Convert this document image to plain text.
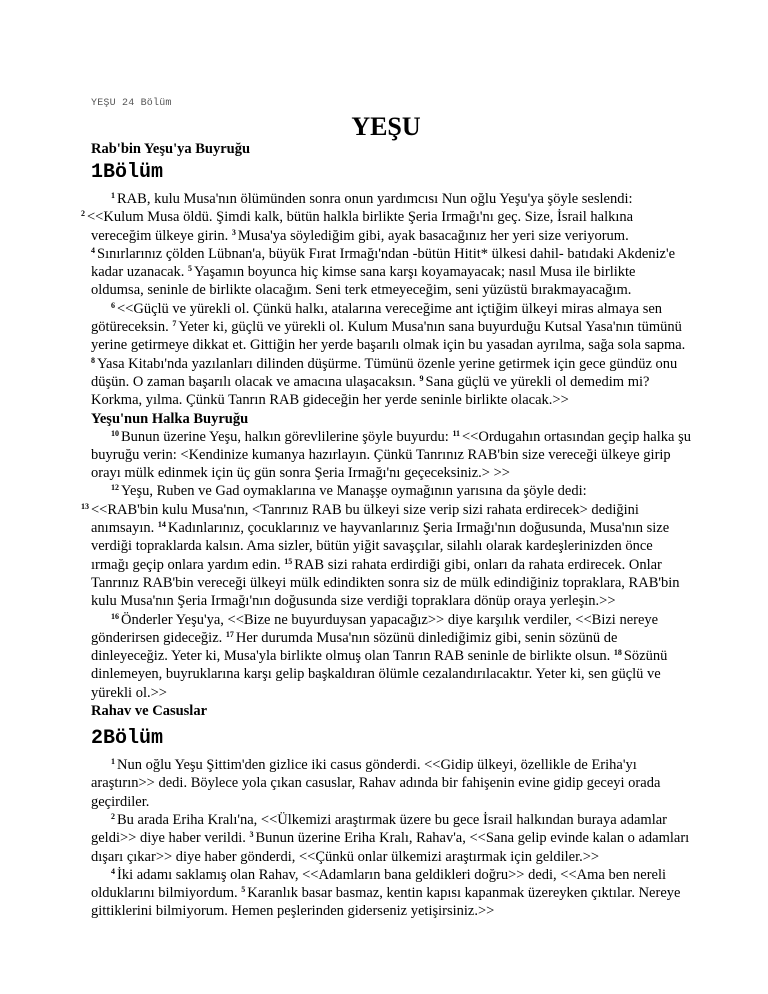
YEŞU 24 Bölüm
YEŞU

Rab'bin Yeşu'ya Buyruğu

1Bölüm

$^1$ RAB, kulu Musa'nın ölümünden sonra onun yardımcısı Nun oğlu Yeşu'ya şöyle seslendi:
$^2$ <<Kulum Musa öldü. Şimdi kalk, bütün halkla birlikte Şeria Irmağı'nı geç. Size, İsrail halkına vereceğim ülkeye girin. $^3$ Musa'ya söylediğim gibi, ayak basacağınız her yeri size veriyorum. $^4$ Sınırlarınız çölden Lübnan'a, büyük Fırat Irmağı'ndan -bütün Hitit* ülkesi dahil- batıdaki Akdeniz'e kadar uzanacak. $^5$ Yaşamın boyunca hiç kimse sana karşı koyamayacak; nasıl Musa ile birlikte oldumsa, seninle de birlikte olacağım. Seni terk etmeyeceğim, seni yüzüstü bırakmayacağım.

$^6$ <<Güçlü ve yürekli ol. Çünkü halkı, atalarına vereceğime ant içtiğim ülkeyi miras almaya sen götüreceksin. $^7$ Yeter ki, güçlü ve yürekli ol. Kulum Musa'nın sana buyurduğu Kutsal Yasa'nın tümünü yerine getirmeye dikkat et. Gittiğin her yerde başarılı olmak için bu yasadan ayrılma, sağa sola sapma. $^8$ Yasa Kitabı'nda yazılanları dilinden düşürme. Tümünü özenle yerine getirmek için gece gündüz onu düşün. O zaman başarılı olacak ve amacına ulaşacaksın. $^9$ Sana güçlü ve yürekli ol demedim mi? Korkma, yılma. Çünkü Tanrın RAB gideceğin her yerde seninle birlikte olacak.>>

Yeşu'nun Halka Buyruğu

$^{10}$ Bunun üzerine Yeşu, halkın görevlilerine şöyle buyurdu: $^{11}$ <<Ordugahın ortasından geçip halka şu buyruğu verin: <Kendinize kumanya hazırlayın. Çünkü Tanrınız RAB'bin size vereceği ülkeye girip orayı mülk edinmek için üç gün sonra Şeria Irmağı'nı geçeceksiniz.> >>

$^{12}$ Yeşu, Ruben ve Gad oymaklarına ve Manaşşe oymağının yarısına da şöyle dedi:
$^{13}$ <<RAB'bin kulu Musa'nın, <Tanrınız RAB bu ülkeyi size verip sizi rahata erdirecek> dediğini anımsayın. $^{14}$ Kadınlarınız, çocuklarınız ve hayvanlarınız Şeria Irmağı'nın doğusunda, Musa'nın size verdiği topraklarda kalsın. Ama sizler, bütün yiğit savaşçılar, silahlı olarak kardeşlerinizden önce ırmağı geçip onlara yardım edin. $^{15}$ RAB sizi rahata erdirdiği gibi, onları da rahata erdirecek. Onlar Tanrınız RAB'bin vereceği ülkeyi mülk edindikten sonra siz de mülk edindiğiniz topraklara, RAB'bin kulu Musa'nın Şeria Irmağı'nın doğusunda size verdiği topraklara dönüp oraya yerleşin.>>

$^{16}$ Önderler Yeşu'ya, <<Bize ne buyurduysan yapacağız>> diye karşılık verdiler, <<Bizi nereye gönderirsen gideceğiz. $^{17}$ Her durumda Musa'nın sözünü dinlediğimiz gibi, senin sözünü de dinleyeceğiz. Yeter ki, Musa'yla birlikte olmuş olan Tanrın RAB seninle de birlikte olsun. $^{18}$ Sözünü dinlemeyen, buyruklarına karşı gelip başkaldıran ölümle cezalandırılacaktır. Yeter ki, sen güçlü ve yürekli ol.>>

Rahav ve Casuslar

2Bölüm

$^1$ Nun oğlu Yeşu Şittim'den gizlice iki casus gönderdi. <<Gidip ülkeyi, özellikle de Eriha'yı araştırın>> dedi. Böylece yola çıkan casuslar, Rahav adında bir fahişenin evine gidip geceyi orada geçirdiler.

$^2$ Bu arada Eriha Kralı'na, <<Ülkemizi araştırmak üzere bu gece İsrail halkından buraya adamlar geldi>> diye haber verildi. $^3$ Bunun üzerine Eriha Kralı, Rahav'a, <<Sana gelip evinde kalan o adamları dışarı çıkar>> diye haber gönderdi, <<Çünkü onlar ülkemizi araştırmak için geldiler.>>

$^4$ İki adamı saklamış olan Rahav, <<Adamların bana geldikleri doğru>> dedi, <<Ama ben nereli olduklarını bilmiyordum. $^5$ Karanlık basar basmaz, kentin kapısı kapanmak üzereyken çıktılar. Nereye gittiklerini bilmiyorum. Hemen peşlerinden giderseniz yetişirsiniz.>>
